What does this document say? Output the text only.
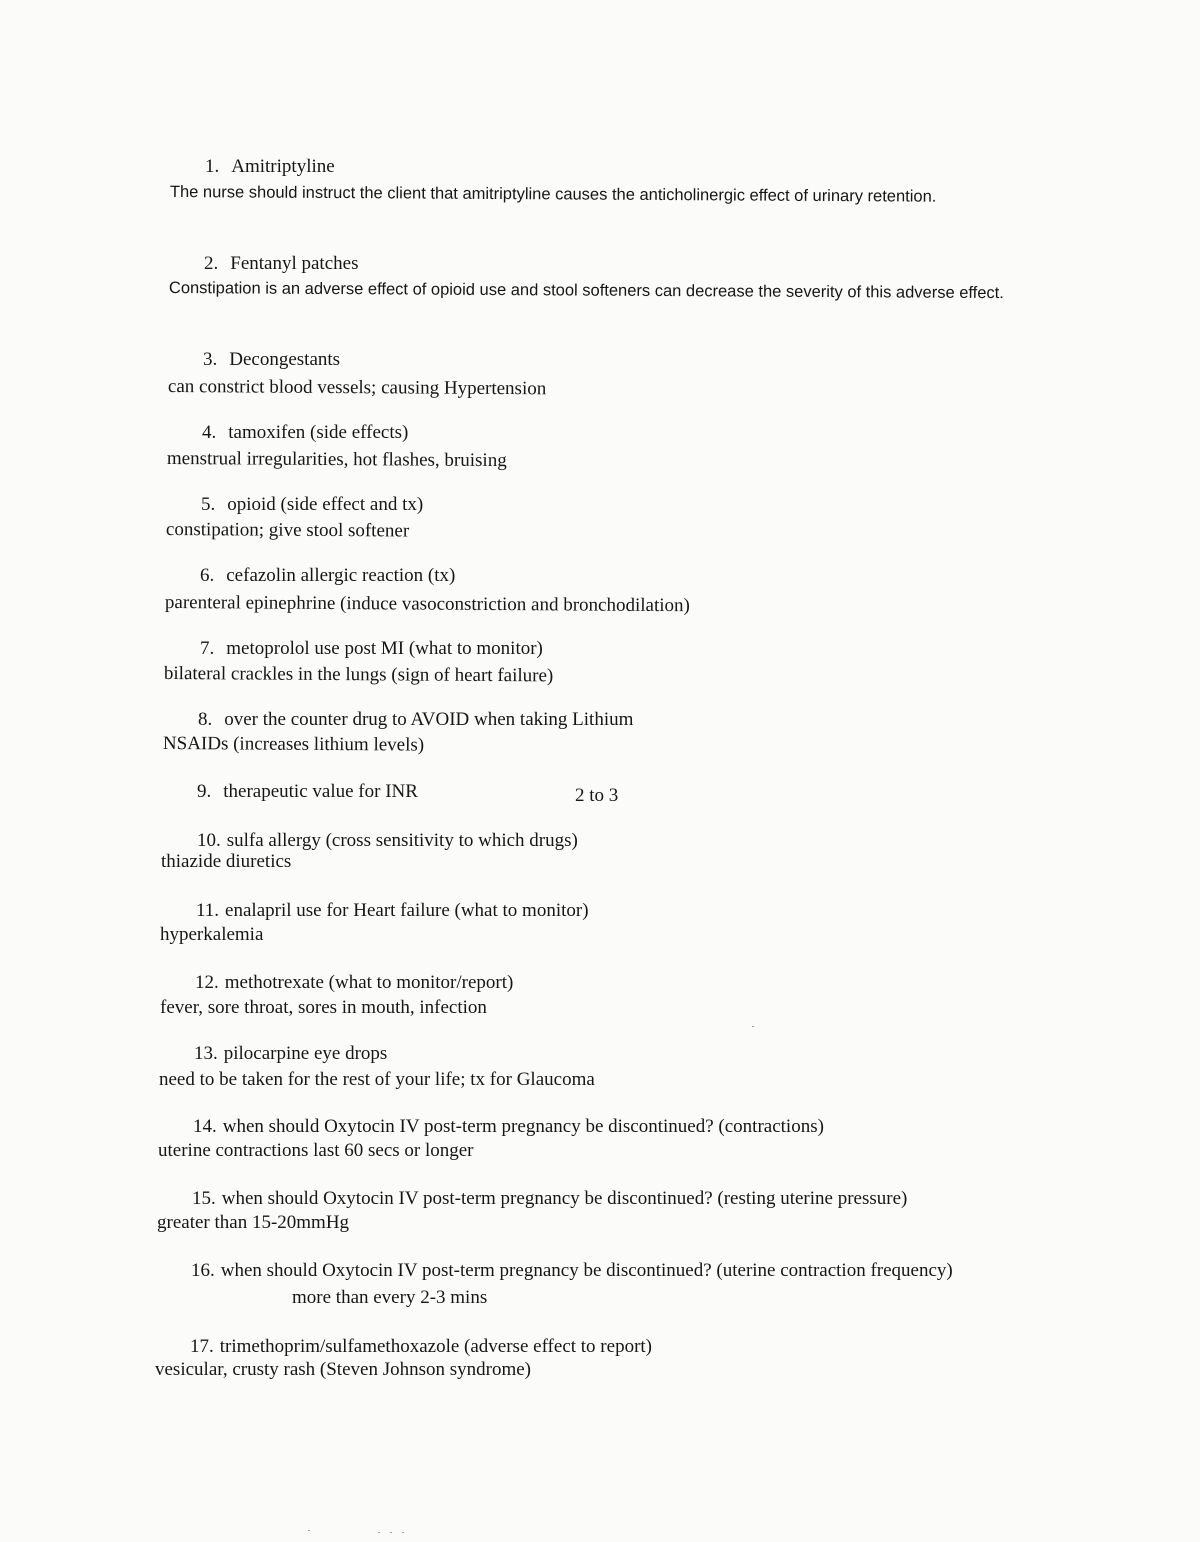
1. Amitriptyline
The nurse should instruct the client that amitriptyline causes the anticholinergic effect of urinary retention.
2. Fentanyl patches
Constipation is an adverse effect of opioid use and stool softeners can decrease the severity of this adverse effect.
3. Decongestants
can constrict blood vessels; causing Hypertension
4. tamoxifen (side effects)
menstrual irregularities, hot flashes, bruising
5. opioid (side effect and tx)
constipation; give stool softener
6. cefazolin allergic reaction (tx)
parenteral epinephrine (induce vasoconstriction and bronchodilation)
7. metoprolol use post MI (what to monitor)
bilateral crackles in the lungs (sign of heart failure)
8. over the counter drug to AVOID when taking Lithium
NSAIDs (increases lithium levels)
9. therapeutic value for INR	2 to 3
10. sulfa allergy (cross sensitivity to which drugs)
thiazide diuretics
11. enalapril use for Heart failure (what to monitor)
hyperkalemia
12. methotrexate (what to monitor/report)
fever, sore throat, sores in mouth, infection
13. pilocarpine eye drops
need to be taken for the rest of your life; tx for Glaucoma
14. when should Oxytocin IV post-term pregnancy be discontinued? (contractions)
uterine contractions last 60 secs or longer
15. when should Oxytocin IV post-term pregnancy be discontinued? (resting uterine pressure)
greater than 15-20mmHg
16. when should Oxytocin IV post-term pregnancy be discontinued? (uterine contraction frequency)
more than every 2-3 mins
17. trimethoprim/sulfamethoxazole (adverse effect to report)
vesicular, crusty rash (Steven Johnson syndrome)
